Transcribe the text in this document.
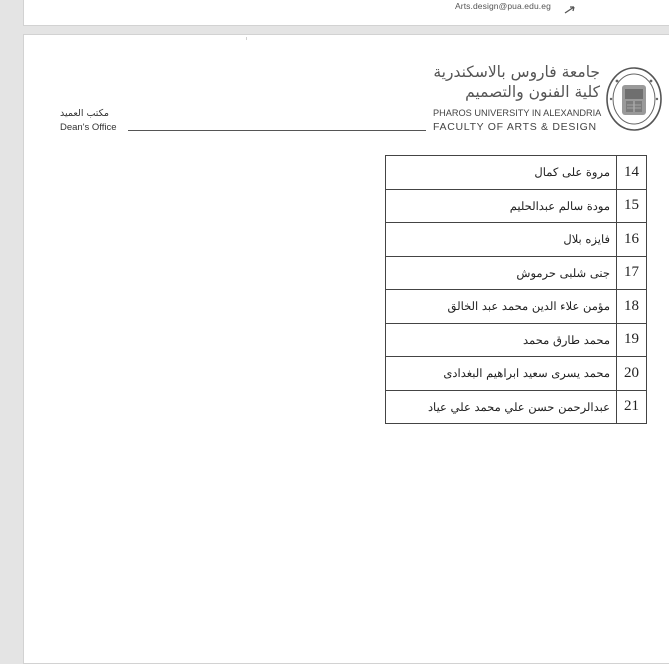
Arts.design@pua.edu.eg
مكتب العميد
Dean's Office
جامعة فاروس بالاسكندرية
كلية الفنون والتصميم
PHAROS UNIVERSITY IN ALEXANDRIA
FACULTY OF ARTS & DESIGN
مروة على كمال	14
مودة سالم عبدالحليم	15
فايزه بلال	16
جنى شلبى حرموش	17
مؤمن علاء الدين محمد عبد الخالق	18
محمد طارق محمد	19
محمد يسرى سعيد ابراهيم البغدادى	20
عبدالرحمن حسن علي محمد علي عياد	21
